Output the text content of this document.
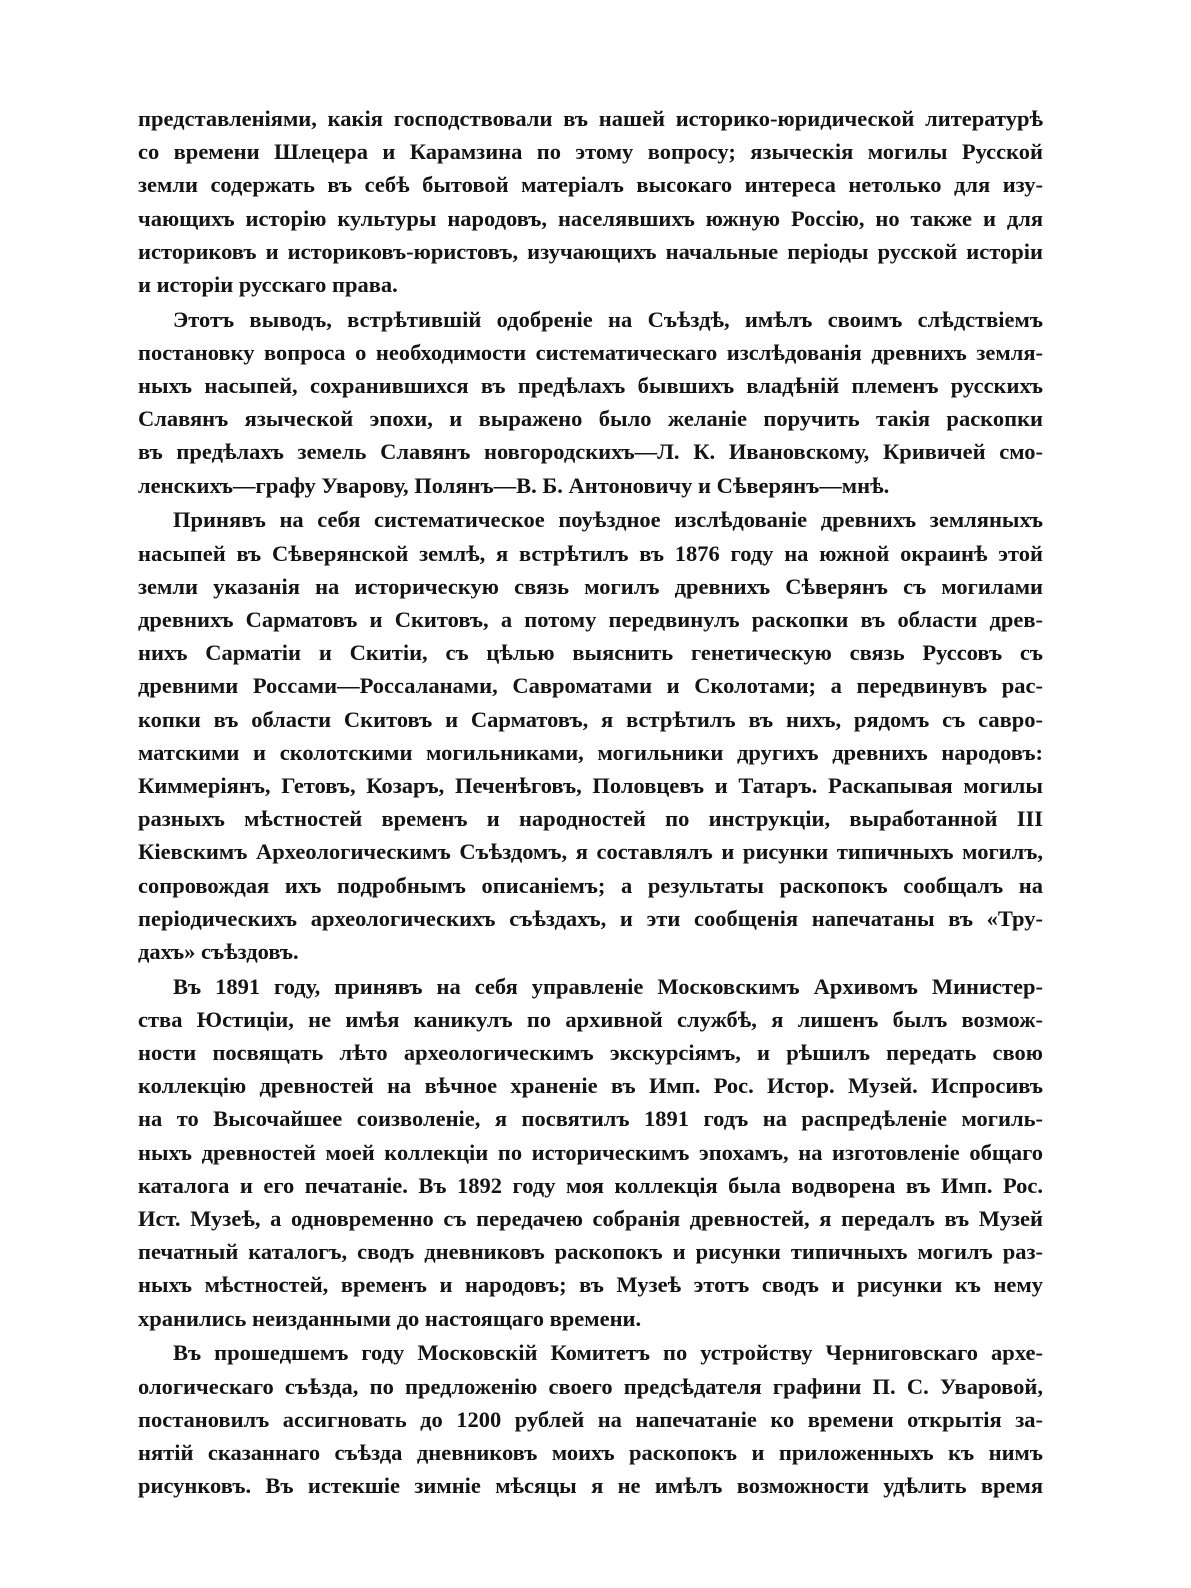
представленіями, какія господствовали въ нашей историко-юридической литературѣ
со времени Шлецера и Карамзина по этому вопросу; языческія могилы Русской
земли содержать въ себѣ бытовой матеріалъ высокаго интереса нетолько для изу-
чающихъ исторію культуры народовъ, населявшихъ южную Россію, но также и для
историковъ и историковъ-юристовъ, изучающихъ начальные періоды русской исторіи
и исторіи русскаго права.
Этотъ выводъ, встрѣтившій одобреніе на Съѣздѣ, имѣлъ своимъ слѣдствіемъ
постановку вопроса о необходимости систематическаго изслѣдованія древнихъ земля-
ныхъ насыпей, сохранившихся въ предѣлахъ бывшихъ владѣній племенъ русскихъ
Славянъ языческой эпохи, и выражено было желаніе поручить такія раскопки
въ предѣлахъ земель Славянъ новгородскихъ—Л. К. Ивановскому, Кривичей смо-
ленскихъ—графу Уварову, Полянъ—В. Б. Антоновичу и Сѣверянъ—мнѣ.
Принявъ на себя систематическое поуѣздное изслѣдованіе древнихъ земляныхъ
насыпей въ Сѣверянской землѣ, я встрѣтилъ въ 1876 году на южной окраинѣ этой
земли указанія на историческую связь могилъ древнихъ Сѣверянъ съ могилами
древнихъ Сарматовъ и Скитовъ, а потому передвинулъ раскопки въ области древ-
нихъ Сарматіи и Скитіи, съ цѣлью выяснить генетическую связь Руссовъ съ
древними Россами—Россаланами, Савроматами и Сколотами; а передвинувъ рас-
копки въ области Скитовъ и Сарматовъ, я встрѣтилъ въ нихъ, рядомъ съ савро-
матскими и сколотскими могильниками, могильники другихъ древнихъ народовъ:
Киммеріянъ, Гетовъ, Козаръ, Печенѣговъ, Половцевъ и Татаръ. Раскапывая могилы
разныхъ мѣстностей временъ и народностей по инструкціи, выработанной III
Кіевскимъ Археологическимъ Съѣздомъ, я составлялъ и рисунки типичныхъ могилъ,
сопровождая ихъ подробнымъ описаніемъ; а результаты раскопокъ сообщалъ на
періодическихъ археологическихъ съѣздахъ, и эти сообщенія напечатаны въ «Тру-
дахъ» съѣздовъ.
Въ 1891 году, принявъ на себя управленіе Московскимъ Архивомъ Министер-
ства Юстиціи, не имѣя каникулъ по архивной службѣ, я лишенъ былъ возмож-
ности посвящать лѣто археологическимъ экскурсіямъ, и рѣшилъ передать свою
коллекцію древностей на вѣчное храненіе въ Имп. Рос. Истор. Музей. Испросивъ
на то Высочайшее соизволеніе, я посвятилъ 1891 годъ на распредѣленіе могиль-
ныхъ древностей моей коллекціи по историческимъ эпохамъ, на изготовленіе общаго
каталога и его печатаніе. Въ 1892 году моя коллекція была водворена въ Имп. Рос.
Ист. Музеѣ, а одновременно съ передачею собранія древностей, я передалъ въ Музей
печатный каталогъ, сводъ дневниковъ раскопокъ и рисунки типичныхъ могилъ раз-
ныхъ мѣстностей, временъ и народовъ; въ Музеѣ этотъ сводъ и рисунки къ нему
хранились неизданными до настоящаго времени.
Въ прошедшемъ году Московскій Комитетъ по устройству Черниговскаго архе-
ологическаго съѣзда, по предложенію своего предсѣдателя графини П. С. Уваровой,
постановилъ ассигновать до 1200 рублей на напечатаніе ко времени открытія за-
нятій сказаннаго съѣзда дневниковъ моихъ раскопокъ и приложенныхъ къ нимъ
рисунковъ. Въ истекшіе зимніе мѣсяцы я не имѣлъ возможности удѣлить время
